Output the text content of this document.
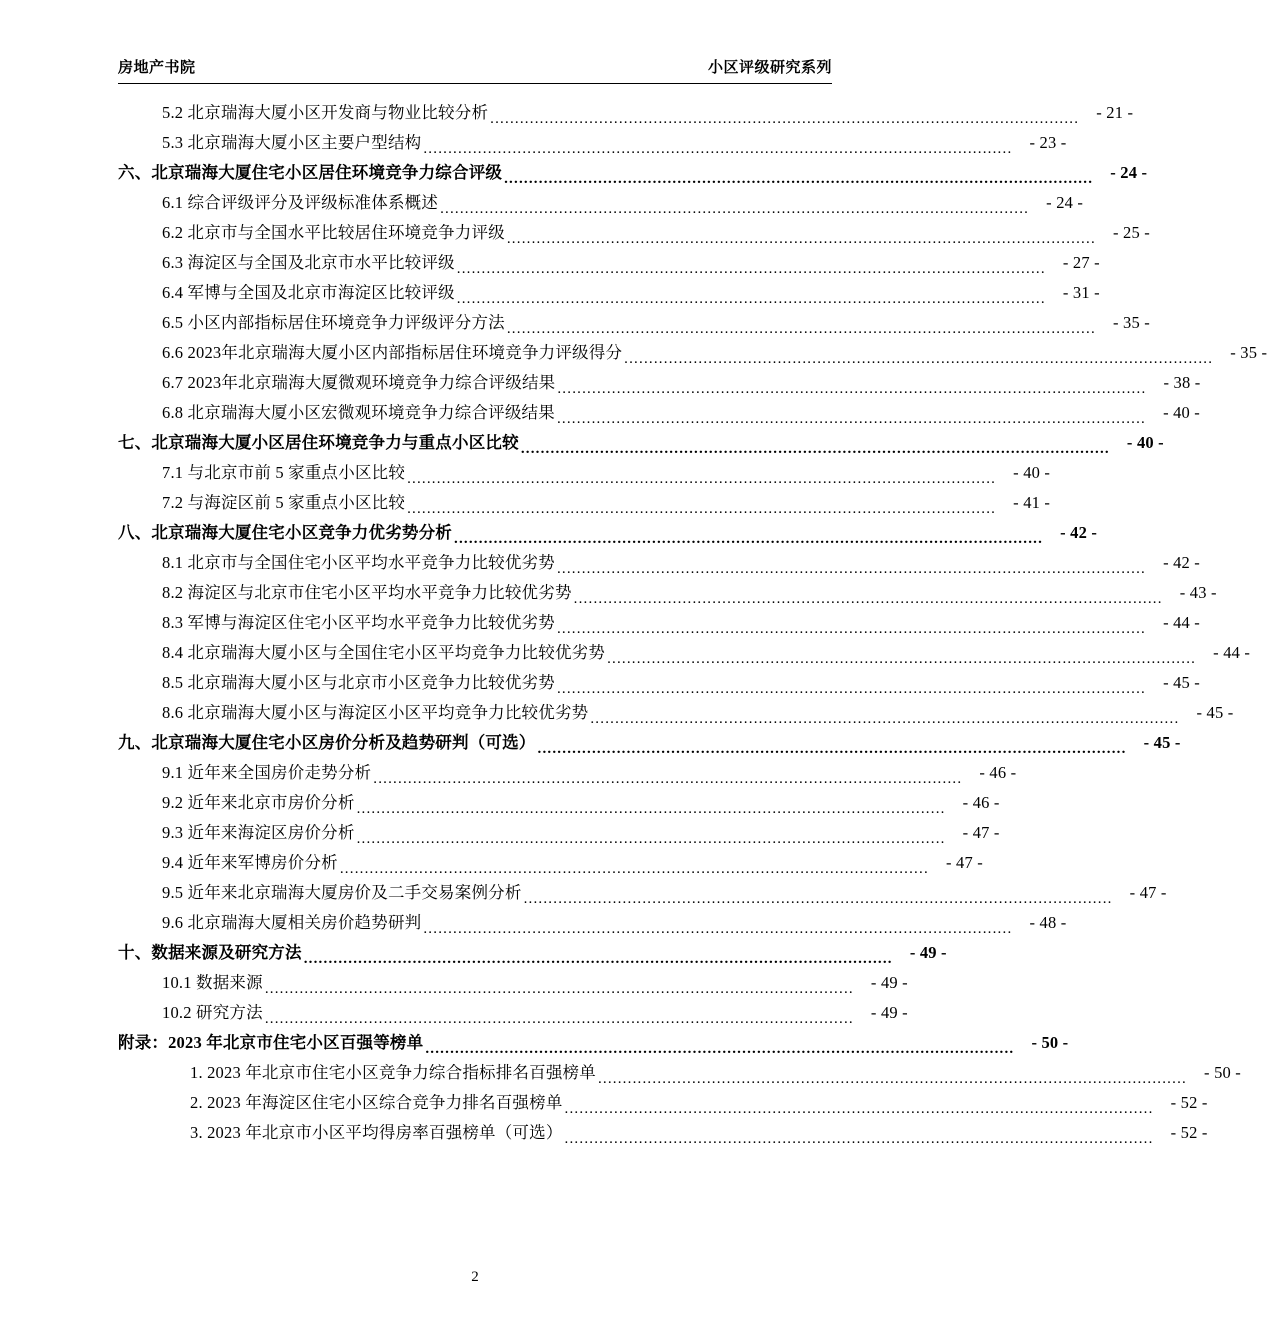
房地产书院	小区评级研究系列
5.2 北京瑞海大厦小区开发商与物业比较分析 .......................................................................................................................	- 21 -
5.3 北京瑞海大厦小区主要户型结构 .......................................................................................................................	- 23 -
六、北京瑞海大厦住宅小区居住环境竞争力综合评级 .......................................................................................................................	- 24 -
6.1 综合评级评分及评级标准体系概述 .......................................................................................................................	- 24 -
6.2 北京市与全国水平比较居住环境竞争力评级 .......................................................................................................................	- 25 -
6.3 海淀区与全国及北京市水平比较评级 .......................................................................................................................	- 27 -
6.4 军博与全国及北京市海淀区比较评级 .......................................................................................................................	- 31 -
6.5 小区内部指标居住环境竞争力评级评分方法 .......................................................................................................................	- 35 -
6.6 2023年北京瑞海大厦小区内部指标居住环境竞争力评级得分 .......................................................................................................................	- 35 -
6.7 2023年北京瑞海大厦微观环境竞争力综合评级结果 .......................................................................................................................	- 38 -
6.8 北京瑞海大厦小区宏微观环境竞争力综合评级结果 .......................................................................................................................	- 40 -
七、北京瑞海大厦小区居住环境竞争力与重点小区比较 .......................................................................................................................	- 40 -
7.1 与北京市前 5 家重点小区比较 .......................................................................................................................	- 40 -
7.2 与海淀区前 5 家重点小区比较 .......................................................................................................................	- 41 -
八、北京瑞海大厦住宅小区竞争力优劣势分析 .......................................................................................................................	- 42 -
8.1 北京市与全国住宅小区平均水平竞争力比较优劣势 .......................................................................................................................	- 42 -
8.2 海淀区与北京市住宅小区平均水平竞争力比较优劣势 .......................................................................................................................	- 43 -
8.3 军博与海淀区住宅小区平均水平竞争力比较优劣势 .......................................................................................................................	- 44 -
8.4 北京瑞海大厦小区与全国住宅小区平均竞争力比较优劣势 .......................................................................................................................	- 44 -
8.5 北京瑞海大厦小区与北京市小区竞争力比较优劣势 .......................................................................................................................	- 45 -
8.6 北京瑞海大厦小区与海淀区小区平均竞争力比较优劣势 .......................................................................................................................	- 45 -
九、北京瑞海大厦住宅小区房价分析及趋势研判（可选） .......................................................................................................................	- 45 -
9.1 近年来全国房价走势分析 .......................................................................................................................	- 46 -
9.2 近年来北京市房价分析 .......................................................................................................................	- 46 -
9.3 近年来海淀区房价分析 .......................................................................................................................	- 47 -
9.4 近年来军博房价分析 .......................................................................................................................	- 47 -
9.5 近年来北京瑞海大厦房价及二手交易案例分析 .......................................................................................................................	- 47 -
9.6 北京瑞海大厦相关房价趋势研判 .......................................................................................................................	- 48 -
十、数据来源及研究方法 .......................................................................................................................	- 49 -
10.1 数据来源 .......................................................................................................................	- 49 -
10.2 研究方法 .......................................................................................................................	- 49 -
附录：2023 年北京市住宅小区百强等榜单 .......................................................................................................................	- 50 -
1. 2023 年北京市住宅小区竞争力综合指标排名百强榜单 .......................................................................................................................	- 50 -
2. 2023 年海淀区住宅小区综合竞争力排名百强榜单 .......................................................................................................................	- 52 -
3. 2023 年北京市小区平均得房率百强榜单（可选） .......................................................................................................................	- 52 -
2
